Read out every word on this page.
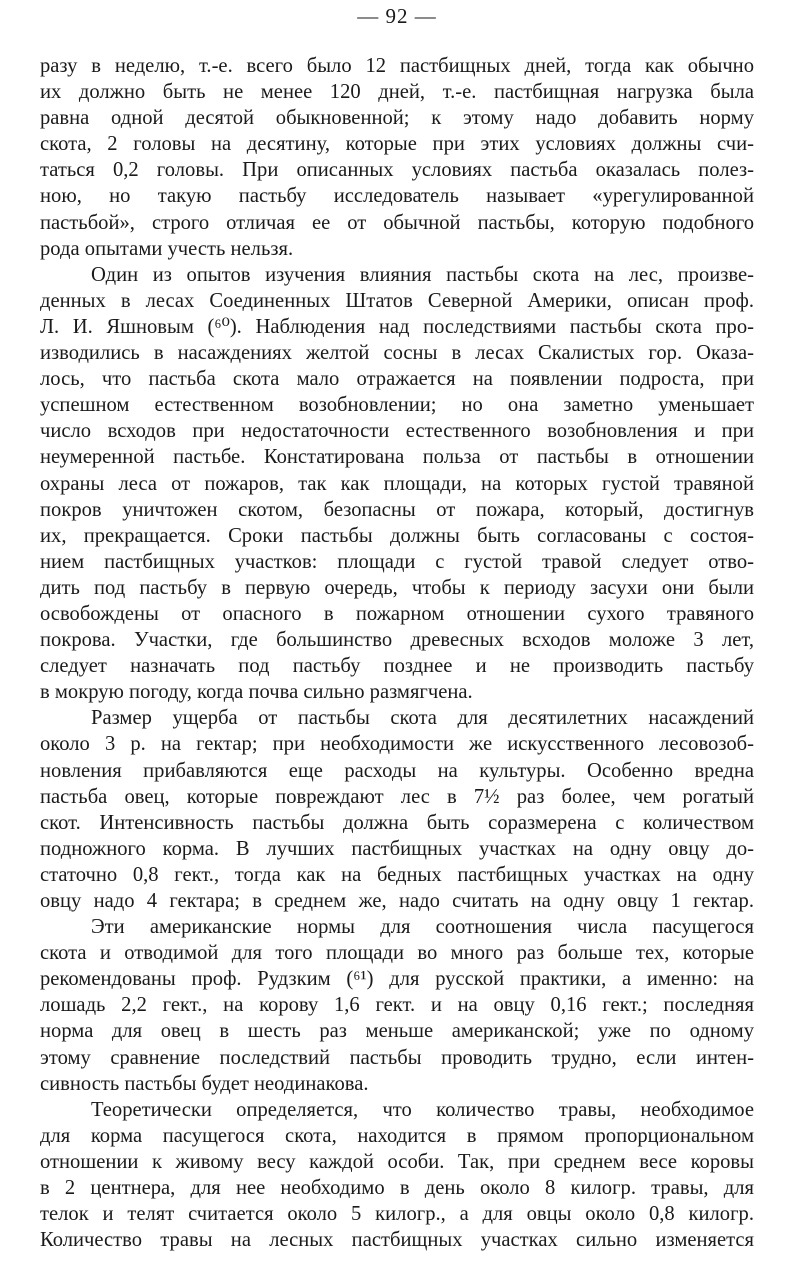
— 92 —
разу в неделю, т.-е. всего было 12 пастбищных дней, тогда как обычно
их должно быть не менее 120 дней, т.-е. пастбищная нагрузка была
равна одной десятой обыкновенной; к этому надо добавить норму
скота, 2 головы на десятину, которые при этих условиях должны счи-
таться 0,2 головы. При описанных условиях пастьба оказалась полез-
ною, но такую пастьбу исследователь называет «урегулированной
пастьбой», строго отличая ее от обычной пастьбы, которую подобного
рода опытами учесть нельзя.
Один из опытов изучения влияния пастьбы скота на лес, произве-
денных в лесах Соединенных Штатов Северной Америки, описан проф.
Л. И. Яшновым (⁶⁰). Наблюдения над последствиями пастьбы скота про-
изводились в насаждениях желтой сосны в лесах Скалистых гор. Оказа-
лось, что пастьба скота мало отражается на появлении подроста, при
успешном естественном возобновлении; но она заметно уменьшает
число всходов при недостаточности естественного возобновления и при
неумеренной пастьбе. Констатирована польза от пастьбы в отношении
охраны леса от пожаров, так как площади, на которых густой травяной
покров уничтожен скотом, безопасны от пожара, который, достигнув
их, прекращается. Сроки пастьбы должны быть согласованы с состоя-
нием пастбищных участков: площади с густой травой следует отво-
дить под пастьбу в первую очередь, чтобы к периоду засухи они были
освобождены от опасного в пожарном отношении сухого травяного
покрова. Участки, где большинство древесных всходов моложе 3 лет,
следует назначать под пастьбу позднее и не производить пастьбу
в мокрую погоду, когда почва сильно размягчена.
Размер ущерба от пастьбы скота для десятилетних насаждений
около 3 р. на гектар; при необходимости же искусственного лесовозоб-
новления прибавляются еще расходы на культуры. Особенно вредна
пастьба овец, которые повреждают лес в 7½ раз более, чем рогатый
скот. Интенсивность пастьбы должна быть соразмерена с количеством
подножного корма. В лучших пастбищных участках на одну овцу до-
статочно 0,8 гект., тогда как на бедных пастбищных участках на одну
овцу надо 4 гектара; в среднем же, надо считать на одну овцу 1 гектар.
Эти американские нормы для соотношения числа пасущегося
скота и отводимой для того площади во много раз больше тех, которые
рекомендованы проф. Рудзким (⁶¹) для русской практики, а именно: на
лошадь 2,2 гект., на корову 1,6 гект. и на овцу 0,16 гект.; последняя
норма для овец в шесть раз меньше американской; уже по одному
этому сравнение последствий пастьбы проводить трудно, если интен-
сивность пастьбы будет неодинакова.
Теоретически определяется, что количество травы, необходимое
для корма пасущегося скота, находится в прямом пропорциональном
отношении к живому весу каждой особи. Так, при среднем весе коровы
в 2 центнера, для нее необходимо в день около 8 килогр. травы, для
телок и телят считается около 5 килогр., а для овцы около 0,8 килогр.
Количество травы на лесных пастбищных участках сильно изменяется
